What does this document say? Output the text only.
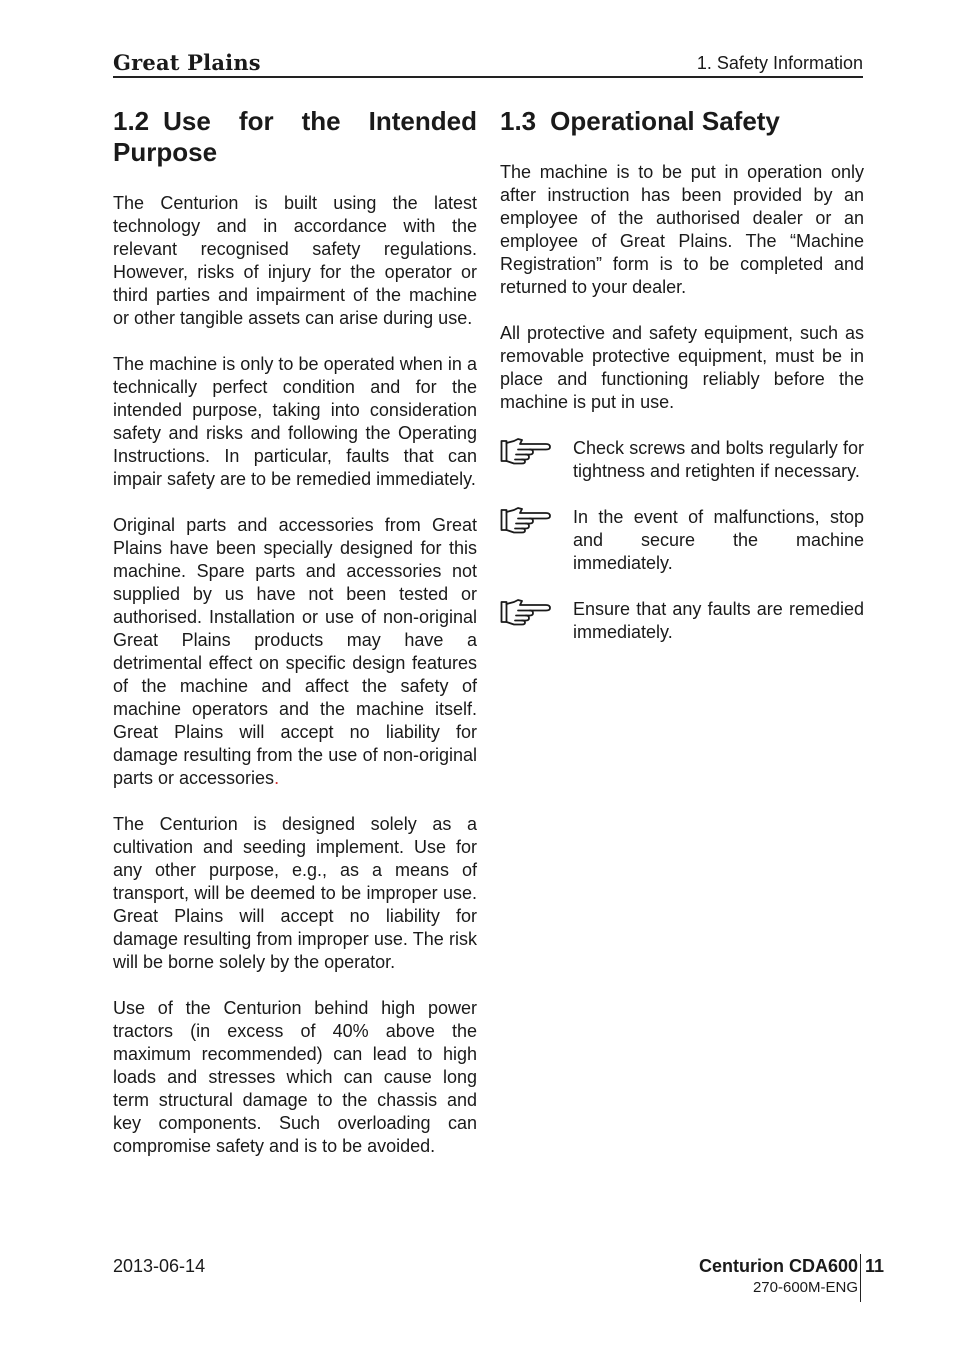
Great Plains	1. Safety Information
1.2 Use for the Intended Purpose

The Centurion is built using the latest technology and in accordance with the relevant recognised safety regulations. However, risks of injury for the operator or third parties and impairment of the machine or other tangible assets can arise during use.

The machine is only to be operated when in a technically perfect condition and for the intended purpose, taking into consideration safety and risks and following the Operating Instructions. In particular, faults that can impair safety are to be remedied immediately.

Original parts and accessories from Great Plains have been specially designed for this machine. Spare parts and accessories not supplied by us have not been tested or authorised. Installation or use of non-original Great Plains products may have a detrimental effect on specific design features of the machine and affect the safety of machine operators and the machine itself. Great Plains will accept no liability for damage resulting from the use of non-original parts or accessories.

The Centurion is designed solely as a cultivation and seeding implement. Use for any other purpose, e.g., as a means of transport, will be deemed to be improper use. Great Plains will accept no liability for damage resulting from improper use. The risk will be borne solely by the operator.

Use of the Centurion behind high power tractors (in excess of 40% above the maximum recommended) can lead to high loads and stresses which can cause long term structural damage to the chassis and key components. Such overloading can compromise safety and is to be avoided.

1.3 Operational Safety

The machine is to be put in operation only after instruction has been provided by an employee of the authorised dealer or an employee of Great Plains. The “Machine Registration” form is to be completed and returned to your dealer.

All protective and safety equipment, such as removable protective equipment, must be in place and functioning reliably before the machine is put in use.

Check screws and bolts regularly for tightness and retighten if necessary.

In the event of malfunctions, stop and secure the machine immediately.

Ensure that any faults are remedied immediately.

2013-06-14	Centurion CDA600
270-600M-ENG
11
